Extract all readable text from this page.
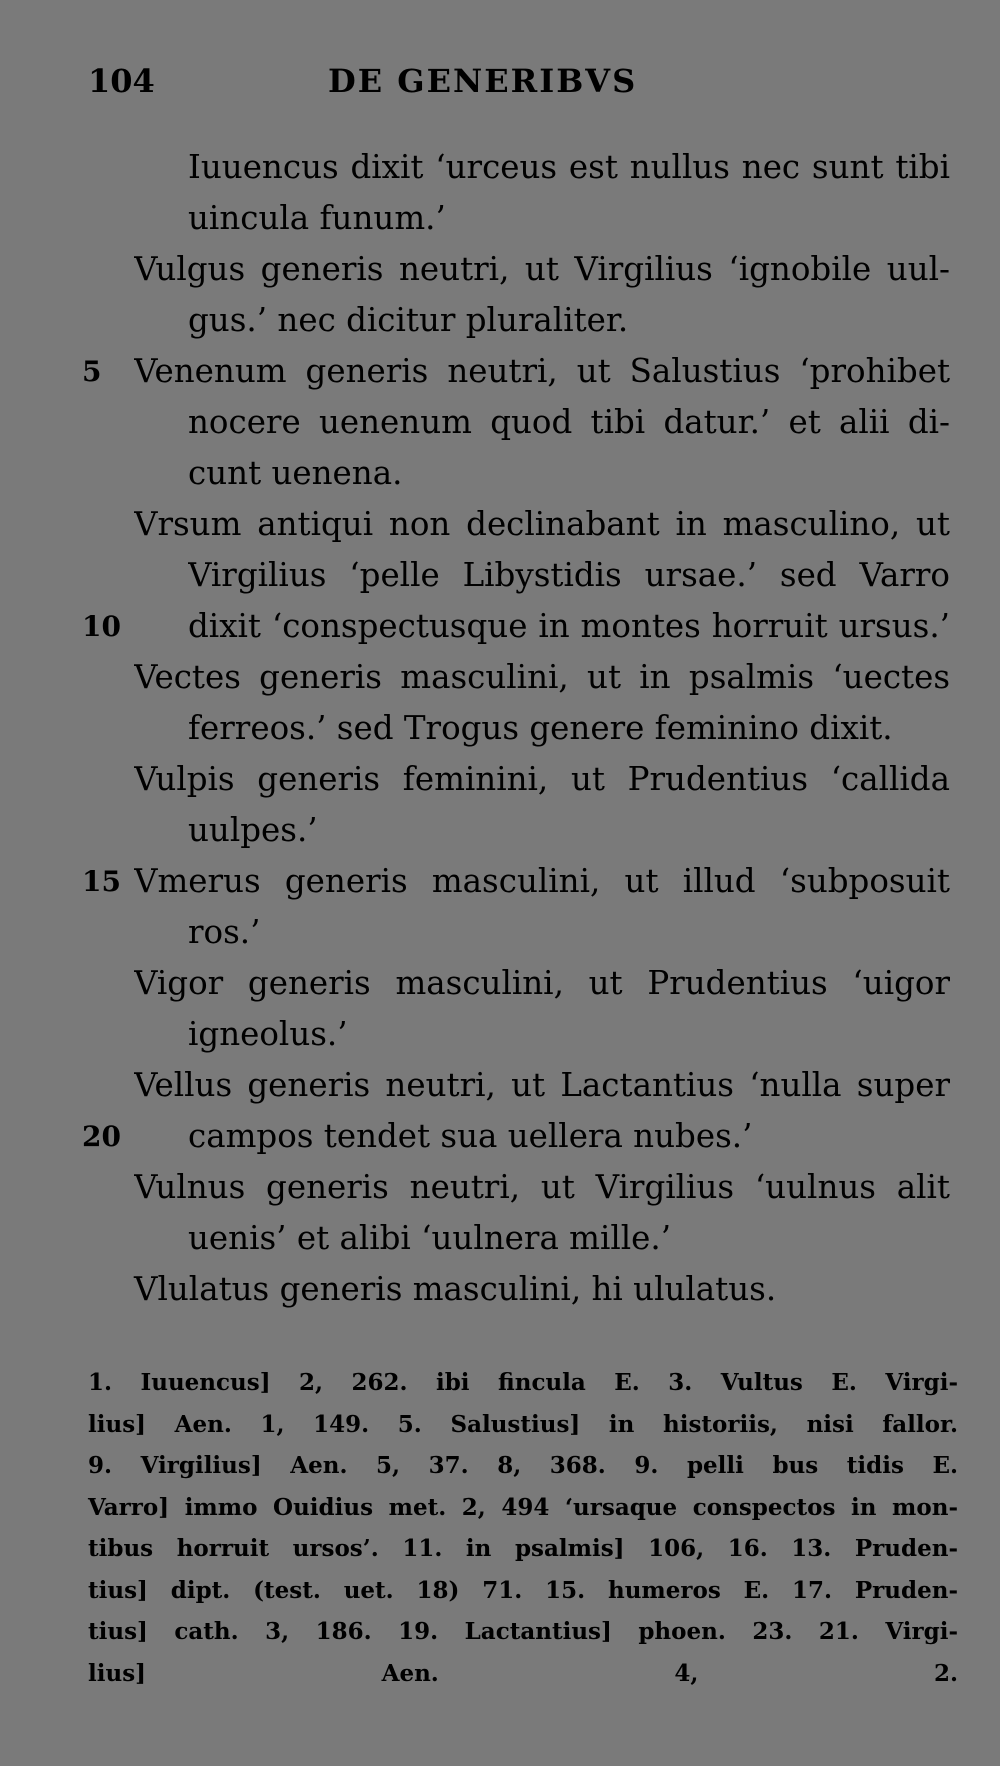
104	DE GENERIBVS
Iuuencus dixit ‘urceus est nullus nec sunt tibi
uincula funum.’
Vulgus generis neutri, ut Virgilius ‘ignobile uul-
gus.’ nec dicitur pluraliter.
5 Venenum generis neutri, ut Salustius ‘prohibet
nocere uenenum quod tibi datur.’ et alii di-
cunt uenena.
Vrsum antiqui non declinabant in masculino, ut
Virgilius ‘pelle Libystidis ursae.’ sed Varro
10 dixit ‘conspectusque in montes horruit ursus.’
Vectes generis masculini, ut in psalmis ‘uectes
ferreos.’ sed Trogus genere feminino dixit.
Vulpis generis feminini, ut Prudentius ‘callida
uulpes.’
15 Vmerus generis masculini, ut illud ‘subposuit
ros.’
Vigor generis masculini, ut Prudentius ‘uigor
igneolus.’
Vellus generis neutri, ut Lactantius ‘nulla super
20 campos tendet sua uellera nubes.’
Vulnus generis neutri, ut Virgilius ‘uulnus alit
uenis’ et alibi ‘uulnera mille.’
Vlulatus generis masculini, hi ululatus.
1. Iuuencus] 2, 262. ibi fincula E. 3. Vultus E. Virgi-
lius] Aen. 1, 149. 5. Salustius] in historiis, nisi fallor.
9. Virgilius] Aen. 5, 37. 8, 368. 9. pelli bus tidis E.
Varro] immo Ouidius met. 2, 494 ‘ursaque conspectos in mon-
tibus horruit ursos’. 11. in psalmis] 106, 16. 13. Pruden-
tius] dipt. (test. uet. 18) 71. 15. humeros E. 17. Pruden-
tius] cath. 3, 186. 19. Lactantius] phoen. 23. 21. Virgi-
lius] Aen. 4, 2.
